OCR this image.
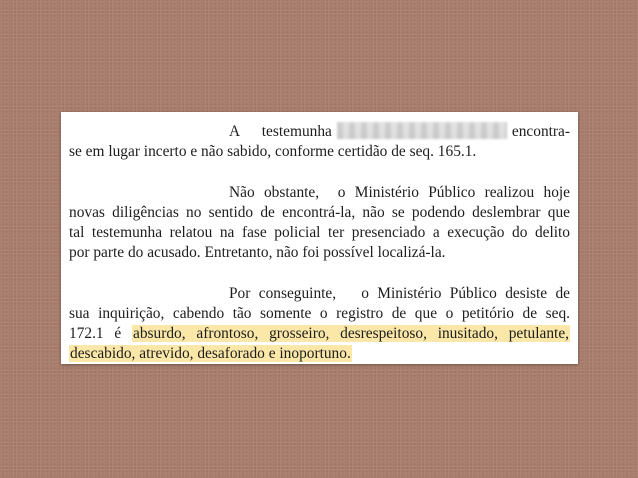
A testemunha	encontra-
se em lugar incerto e não sabido, conforme certidão de seq. 165.1.

Não obstante,  o Ministério Público realizou hoje
novas diligências no sentido de encontrá-la, não se podendo deslembrar que
tal testemunha relatou na fase policial ter presenciado a execução do delito
por parte do acusado. Entretanto, não foi possível localizá-la.

Por conseguinte,   o Ministério Público desiste de
sua inquirição, cabendo tão somente o registro de que o petitório de seq.
172.1 é absurdo, afrontoso, grosseiro, desrespeitoso, inusitado, petulante,
descabido, atrevido, desaforado e inoportuno.
